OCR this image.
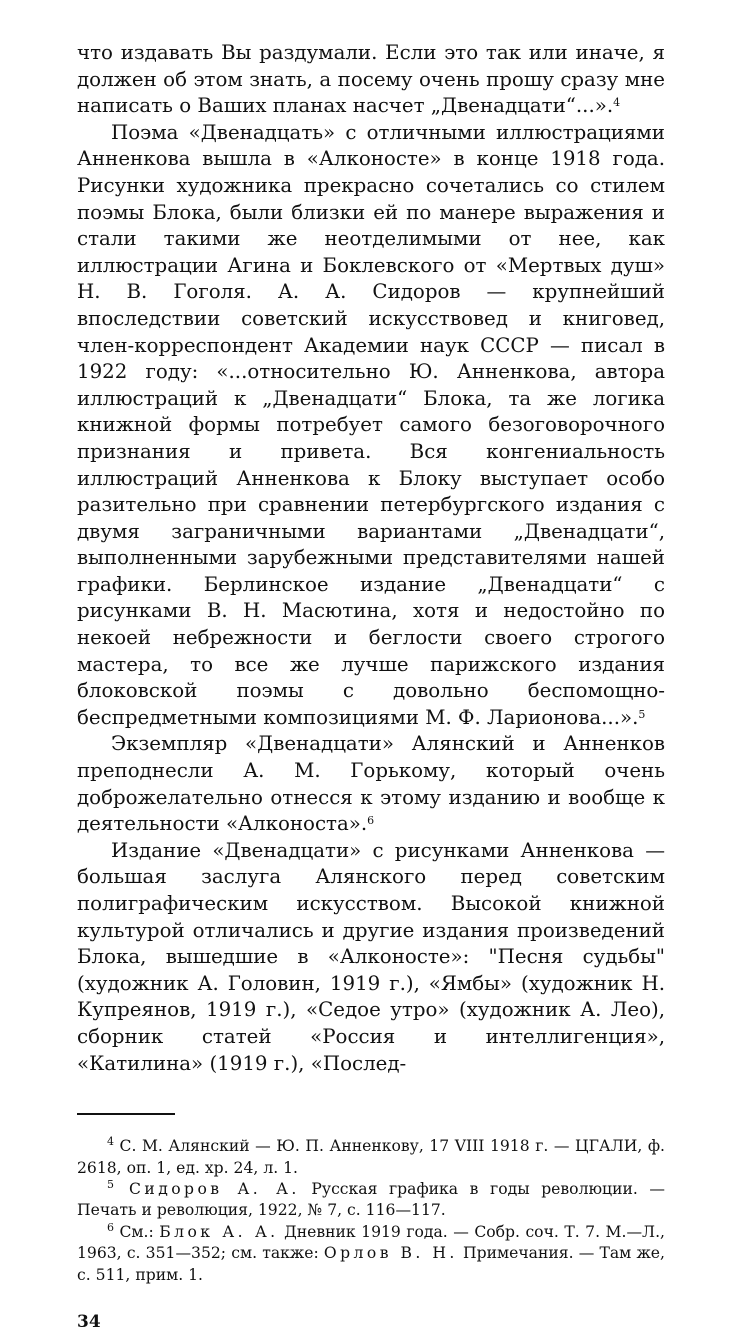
что издавать Вы раздумали. Если это так или иначе, я должен об этом знать, а посему очень прошу сразу мне написать о Ваших планах насчет „Двенадцати“...».$^4$

Поэма «Двенадцать» с отличными иллюстрациями Анненкова вышла в «Алконосте» в конце 1918 года. Рисунки художника прекрасно сочетались со стилем поэмы Блока, были близки ей по манере выражения и стали такими же неотделимыми от нее, как иллюстрации Агина и Боклевского от «Мертвых душ» Н. В. Гоголя. А. А. Сидоров — крупнейший впоследствии советский искусствовед и книговед, член-корреспондент Академии наук СССР — писал в 1922 году: «...относительно Ю. Анненкова, автора иллюстраций к „Двенадцати“ Блока, та же логика книжной формы потребует самого безоговорочного признания и привета. Вся конгениальность иллюстраций Анненкова к Блоку выступает особо разительно при сравнении петербургского издания с двумя заграничными вариантами „Двенадцати“, выполненными зарубежными представителями нашей графики. Берлинское издание „Двенадцати“ с рисунками В. Н. Масютина, хотя и недостойно по некоей небрежности и беглости своего строгого мастера, то все же лучше парижского издания блоковской поэмы с довольно беспомощно-беспредметными композициями М. Ф. Ларионова...».$^5$

Экземпляр «Двенадцати» Алянский и Анненков преподнесли А. М. Горькому, который очень доброжелательно отнесся к этому изданию и вообще к деятельности «Алконоста».$^6$

Издание «Двенадцати» с рисунками Анненкова — большая заслуга Алянского перед советским полиграфическим искусством. Высокой книжной культурой отличались и другие издания произведений Блока, вышедшие в «Алконосте»: "Песня судьбы" (художник А. Головин, 1919 г.), «Ямбы» (художник Н. Купреянов, 1919 г.), «Седое утро» (художник А. Лео), сборник статей «Россия и интеллигенция», «Катилина» (1919 г.), «Послед-

$^4$ С. М. Алянский — Ю. П. Анненкову, 17 VIII 1918 г. — ЦГАЛИ, ф. 2618, оп. 1, ед. хр. 24, л. 1.

$^5$ Сидоров А. А. Русская графика в годы революции. — Печать и революция, 1922, № 7, с. 116—117.

$^6$ См.: Блок А. А. Дневник 1919 года. — Собр. соч. Т. 7. М.—Л., 1963, с. 351—352; см. также: Орлов В. Н. Примечания. — Там же, с. 511, прим. 1.

34
